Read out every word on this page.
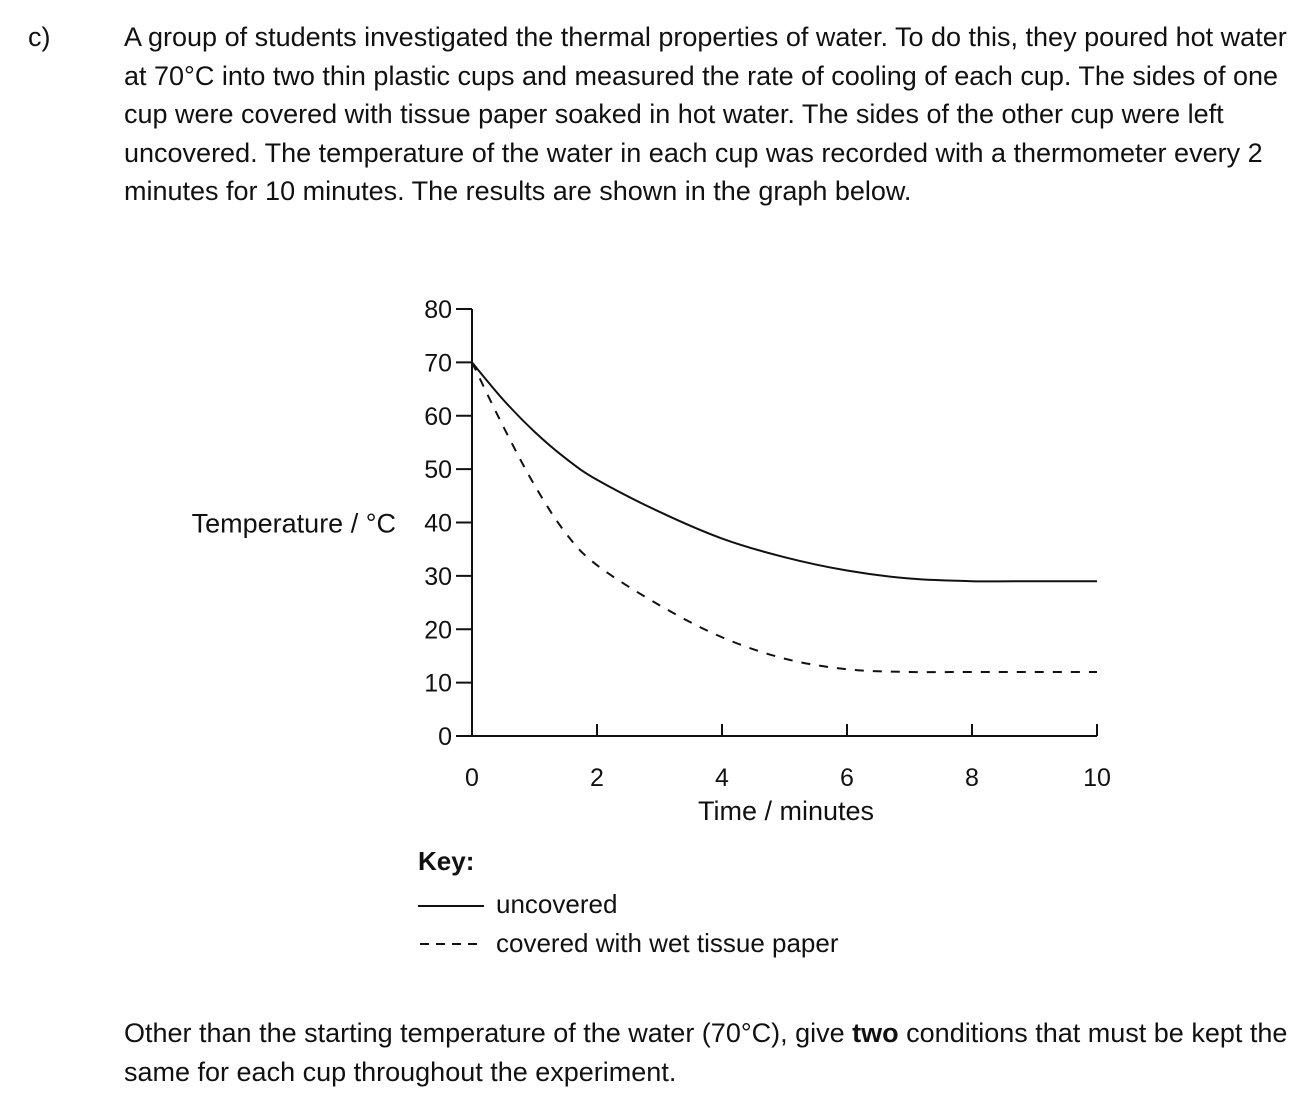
c)	A group of students investigated the thermal properties of water. To do this, they poured hot water at 70°C into two thin plastic cups and measured the rate of cooling of each cup. The sides of one cup were covered with tissue paper soaked in hot water. The sides of the other cup were left uncovered. The temperature of the water in each cup was recorded with a thermometer every 2 minutes for 10 minutes. The results are shown in the graph below.

0
10
20
30
40
50
60
70
80
0	2	4	6	8	10
Temperature / °C
Time / minutes
Key:
uncovered
covered with wet tissue paper

Other than the starting temperature of the water (70°C), give two conditions that must be kept the same for each cup throughout the experiment.
